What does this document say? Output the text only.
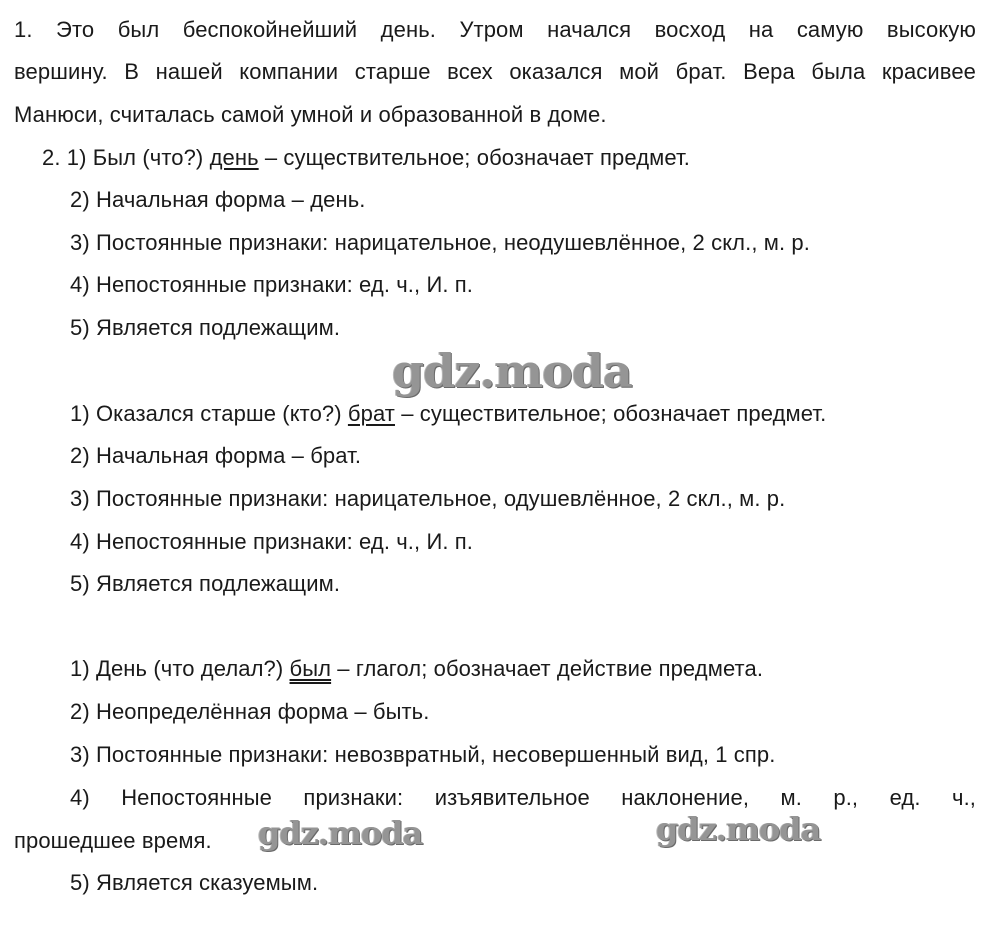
1. Это был беспокойнейший день. Утром начался восход на самую высокую
вершину. В нашей компании старше всех оказался мой брат. Вера была красивее
Манюси, считалась самой умной и образованной в доме.
2. 1) Был (что?) день – существительное; обозначает предмет.
2) Начальная форма – день.
3) Постоянные признаки: нарицательное, неодушевлённое, 2 скл., м. р.
4) Непостоянные признаки: ед. ч., И. п.
5) Является подлежащим.
gdz.moda
1) Оказался старше (кто?) брат – существительное; обозначает предмет.
2) Начальная форма – брат.
3) Постоянные признаки: нарицательное, одушевлённое, 2 скл., м. р.
4) Непостоянные признаки: ед. ч., И. п.
5) Является подлежащим.
1) День (что делал?) был – глагол; обозначает действие предмета.
2) Неопределённая форма – быть.
3) Постоянные признаки: невозвратный, несовершенный вид, 1 спр.
4) Непостоянные признаки: изъявительное наклонение, м. р., ед. ч.,
прошедшее время.
5) Является сказуемым.
gdz.moda	gdz.moda
